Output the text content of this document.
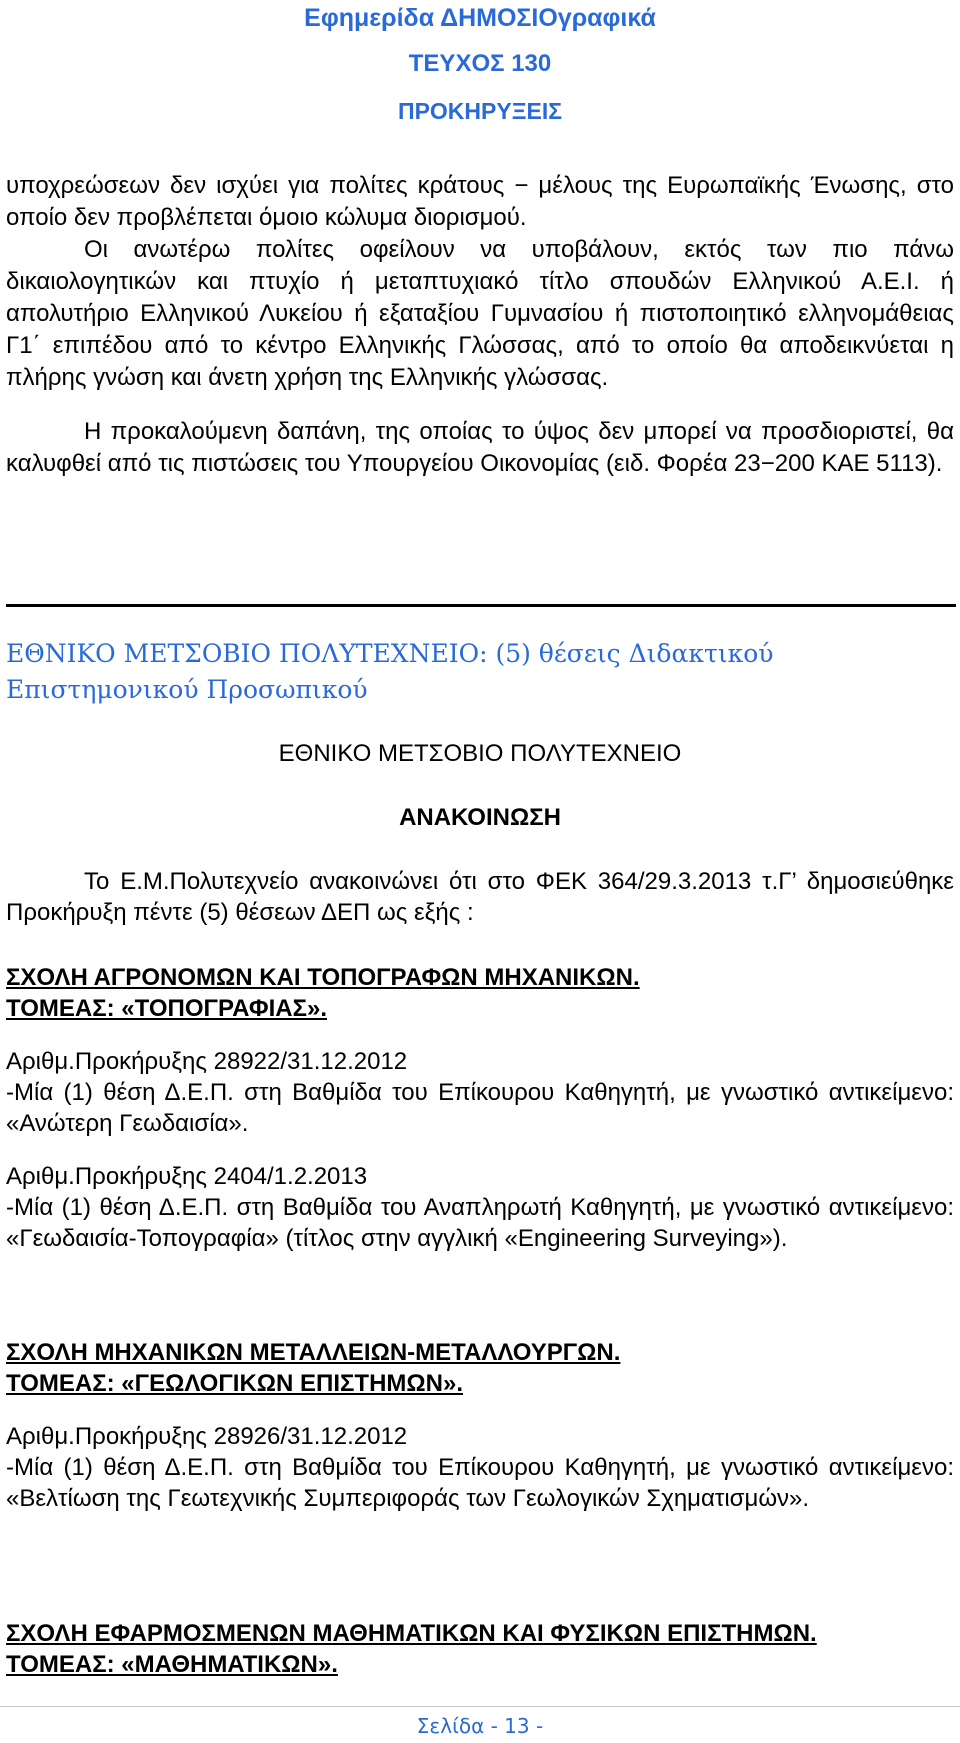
Εφημερίδα ΔΗΜΟΣΙΟγραφικά
ΤΕΥΧΟΣ 130
ΠΡΟΚΗΡΥΞΕΙΣ

υποχρεώσεων δεν ισχύει για πολίτες κράτους − μέλους της Ευρωπαϊκής Ένωσης, στο οποίο δεν προβλέπεται όμοιο κώλυμα διορισμού.

Οι ανωτέρω πολίτες οφείλουν να υποβάλουν, εκτός των πιο πάνω δικαιολογητικών και πτυχίο ή μεταπτυχιακό τίτλο σπουδών Ελληνικού Α.Ε.Ι. ή απολυτήριο Ελληνικού Λυκείου ή εξαταξίου Γυμνασίου ή πιστοποιητικό ελληνομάθειας Γ1΄ επιπέδου από το κέντρο Ελληνικής Γλώσσας, από το οποίο θα αποδεικνύεται η πλήρης γνώση και άνετη χρήση της Ελληνικής γλώσσας.

Η προκαλούμενη δαπάνη, της οποίας το ύψος δεν μπορεί να προσδιοριστεί, θα καλυφθεί από τις πιστώσεις του Υπουργείου Οικονομίας (ειδ. Φορέα 23−200 ΚΑΕ 5113).

ΕΘΝΙΚΟ ΜΕΤΣΟΒΙΟ ΠΟΛΥΤΕΧΝΕΙΟ: (5) θέσεις Διδακτικού Επιστημονικού Προσωπικού
ΕΘΝΙΚΟ ΜΕΤΣΟΒΙΟ ΠΟΛΥΤΕΧΝΕΙΟ
ΑΝΑΚΟΙΝΩΣΗ
Το Ε.Μ.Πολυτεχνείο ανακοινώνει ότι στο ΦΕΚ 364/29.3.2013 τ.Γ’ δημοσιεύθηκε Προκήρυξη πέντε (5) θέσεων ΔΕΠ ως εξής :

ΣΧΟΛΗ ΑΓΡΟΝΟΜΩΝ ΚΑΙ ΤΟΠΟΓΡΑΦΩΝ ΜΗΧΑΝΙΚΩΝ.

ΤΟΜΕΑΣ: «ΤΟΠΟΓΡΑΦΙΑΣ».

Αριθμ.Προκήρυξης 28922/31.12.2012

-Μία (1) θέση Δ.Ε.Π. στη Βαθμίδα του Επίκουρου Καθηγητή, με γνωστικό αντικείμενο: «Ανώτερη Γεωδαισία».

Αριθμ.Προκήρυξης 2404/1.2.2013

-Μία (1) θέση Δ.Ε.Π. στη Βαθμίδα του Αναπληρωτή Καθηγητή, με γνωστικό αντικείμενο: «Γεωδαισία-Τοπογραφία» (τίτλος στην αγγλική «Engineering Surveying»).

ΣΧΟΛΗ ΜΗΧΑΝΙΚΩΝ ΜΕΤΑΛΛΕΙΩΝ-ΜΕΤΑΛΛΟΥΡΓΩΝ.

ΤΟΜΕΑΣ: «ΓΕΩΛΟΓΙΚΩΝ ΕΠΙΣΤΗΜΩΝ».

Αριθμ.Προκήρυξης 28926/31.12.2012

-Μία (1) θέση Δ.Ε.Π. στη Βαθμίδα του Επίκουρου Καθηγητή, με γνωστικό αντικείμενο: «Βελτίωση της Γεωτεχνικής Συμπεριφοράς των Γεωλογικών Σχηματισμών».

ΣΧΟΛΗ ΕΦΑΡΜΟΣΜΕΝΩΝ ΜΑΘΗΜΑΤΙΚΩΝ ΚΑΙ ΦΥΣΙΚΩΝ ΕΠΙΣΤΗΜΩΝ.

ΤΟΜΕΑΣ: «ΜΑΘΗΜΑΤΙΚΩΝ».

Σελίδα - 13 -
